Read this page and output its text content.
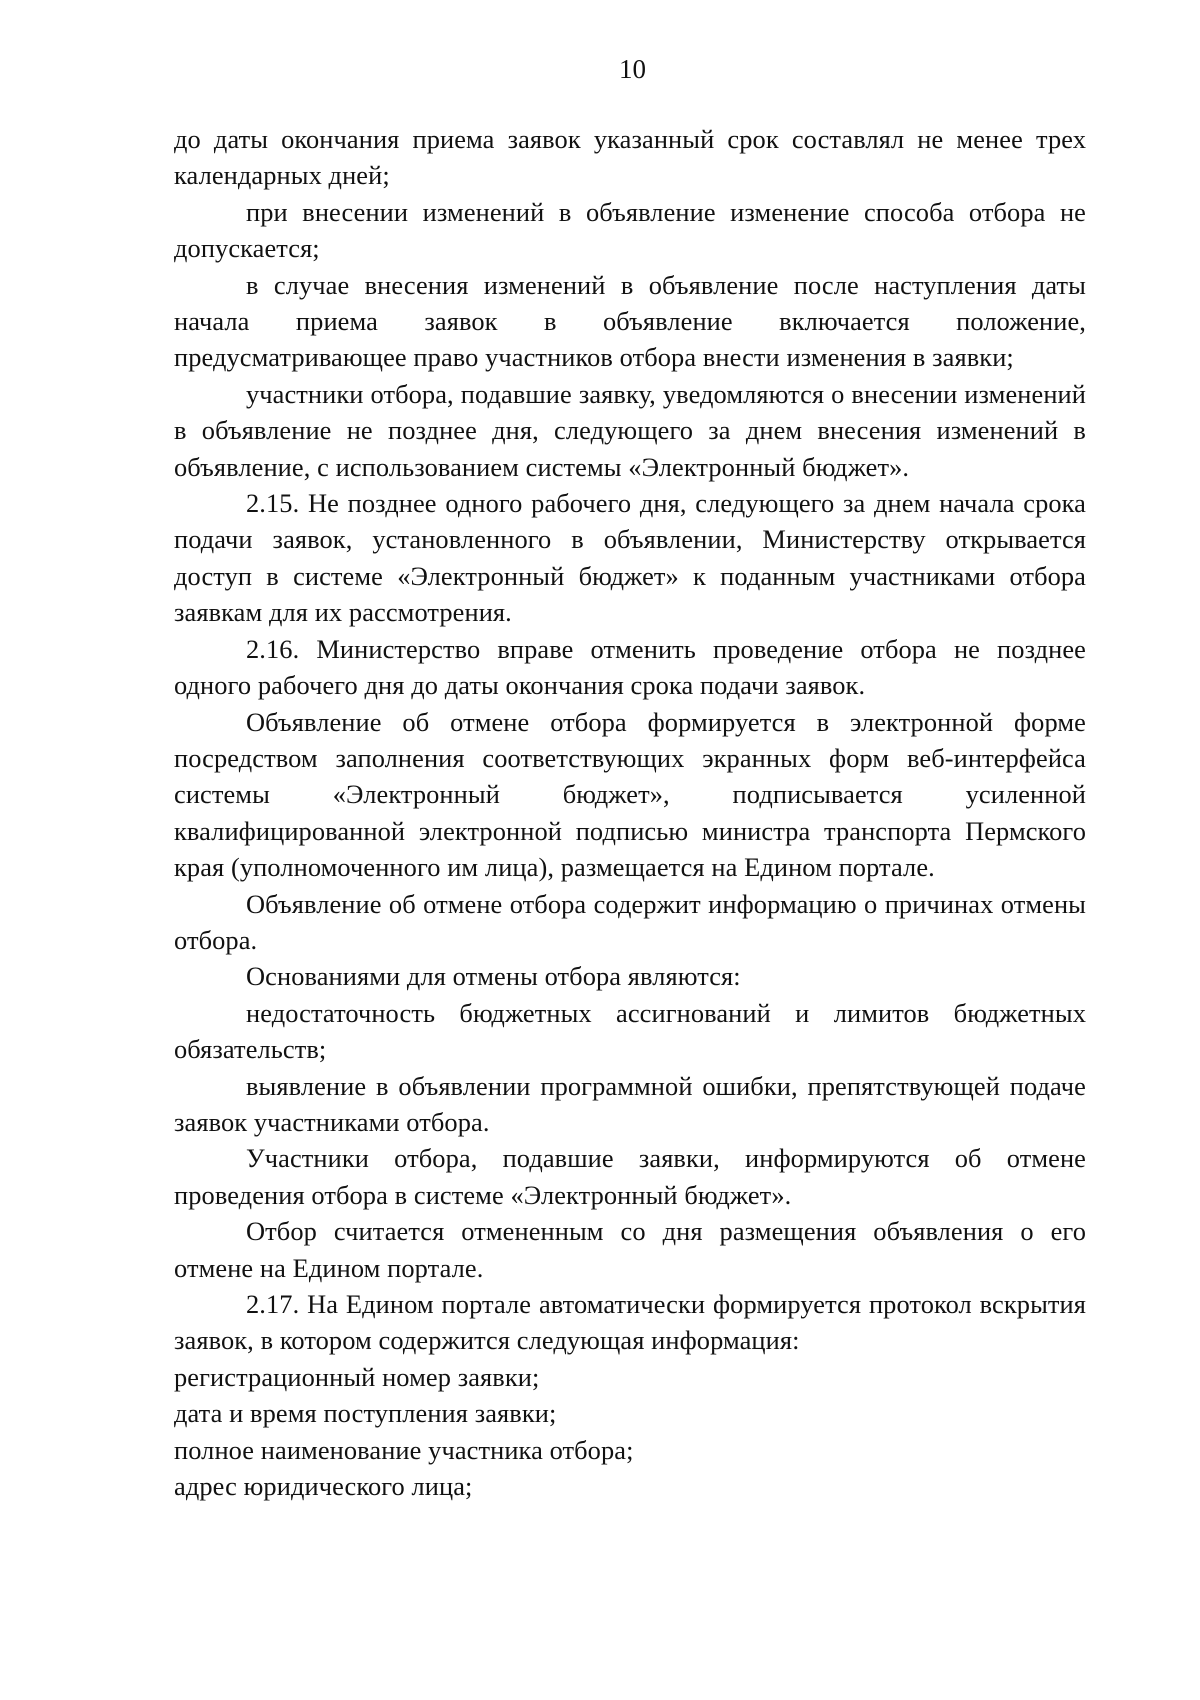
10

до даты окончания приема заявок указанный срок составлял не менее трех календарных дней;

при внесении изменений в объявление изменение способа отбора не допускается;

в случае внесения изменений в объявление после наступления даты начала приема заявок в объявление включается положение, предусматривающее право участников отбора внести изменения в заявки;

участники отбора, подавшие заявку, уведомляются о внесении изменений в объявление не позднее дня, следующего за днем внесения изменений в объявление, с использованием системы «Электронный бюджет».

2.15. Не позднее одного рабочего дня, следующего за днем начала срока подачи заявок, установленного в объявлении, Министерству открывается доступ в системе «Электронный бюджет» к поданным участниками отбора заявкам для их рассмотрения.

2.16. Министерство вправе отменить проведение отбора не позднее одного рабочего дня до даты окончания срока подачи заявок.

Объявление об отмене отбора формируется в электронной форме посредством заполнения соответствующих экранных форм веб-интерфейса системы «Электронный бюджет», подписывается усиленной квалифицированной электронной подписью министра транспорта Пермского края (уполномоченного им лица), размещается на Едином портале.

Объявление об отмене отбора содержит информацию о причинах отмены отбора.

Основаниями для отмены отбора являются:

недостаточность бюджетных ассигнований и лимитов бюджетных обязательств;

выявление в объявлении программной ошибки, препятствующей подаче заявок участниками отбора.

Участники отбора, подавшие заявки, информируются об отмене проведения отбора в системе «Электронный бюджет».

Отбор считается отмененным со дня размещения объявления о его отмене на Едином портале.

2.17. На Едином портале автоматически формируется протокол вскрытия заявок, в котором содержится следующая информация:

регистрационный номер заявки;

дата и время поступления заявки;

полное наименование участника отбора;

адрес юридического лица;
